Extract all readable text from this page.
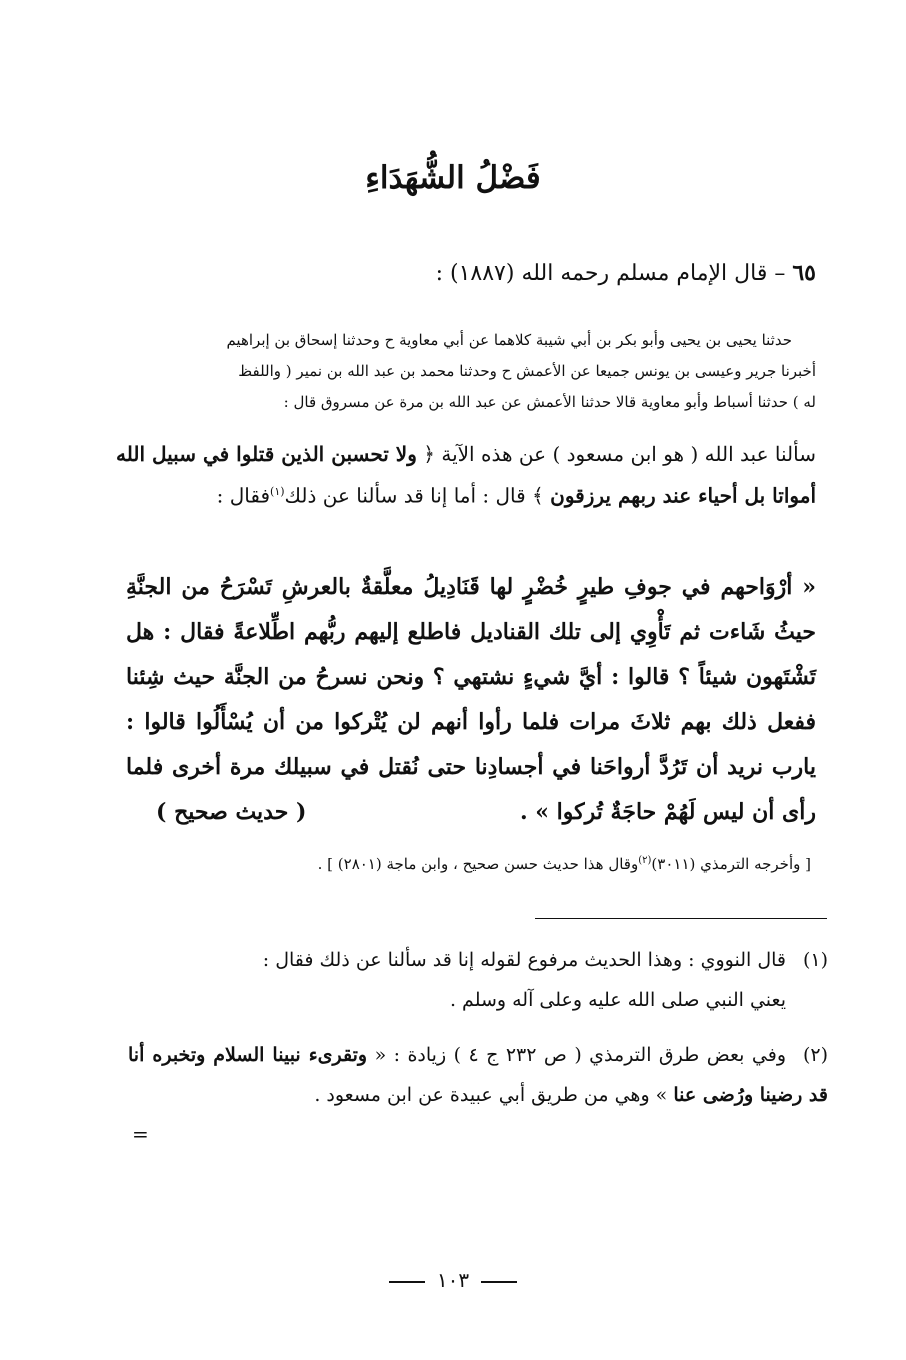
فَضْلُ الشُّهَدَاءِ
٦٥ – قال الإمام مسلم رحمه الله (١٨٨٧) :
حدثنا يحيى بن يحيى وأبو بكر بن أبي شيبة كلاهما عن أبي معاوية ح وحدثنا إسحاق بن إبراهيم
أخبرنا جرير وعيسى بن يونس جميعا عن الأعمش ح وحدثنا محمد بن عبد الله بن نمير ( واللفظ
له ) حدثنا أسباط وأبو معاوية قالا حدثنا الأعمش عن عبد الله بن مرة عن مسروق قال :
سألنا عبد الله ( هو ابن مسعود ) عن هذه الآية ﴿ ولا تحسبن الذين قتلوا في سبيل الله أمواتا بل أحياء عند ربهم يرزقون ﴾ قال : أما إنا قد سألنا عن ذلك$^{(١)}$فقال :
« أرْوَاحهم في جوفِ طيرٍ خُضْرٍ لها قَنَادِيلُ معلَّقةٌ بالعرشِ تَسْرَحُ من الجنَّةِ حيثُ شَاءت ثم تَأْوِي إلى تلك القناديل فاطلع إليهم ربُّهم اطِّلاعةً فقال : هل تَشْتَهون شيئاً ؟ قالوا : أيَّ شيءٍ نشتهي ؟ ونحن نسرحُ من الجنَّة حيث شِئنا ففعل ذلك بهم ثلاثَ مرات فلما رأوا أنهم لن يُتْركوا من أن يُسْأَلُوا قالوا : يارب نريد أن تَرُدَّ أرواحَنا في أجسادِنا حتى نُقتل في سبيلك مرة أخرى فلما رأى أن ليس لَهُمْ حاجَةٌ تُركوا » .
( حديث صحيح )
[ وأخرجه الترمذي (٣٠١١)$^{(٢)}$وقال هذا حديث حسن صحيح ، وابن ماجة (٢٨٠١) ] .
(١)قال النووي : وهذا الحديث مرفوع لقوله إنا قد سألنا عن ذلك فقال :
يعني النبي صلى الله عليه وعلى آله وسلم .
(٢)وفي بعض طرق الترمذي ( ص ٢٣٢ ج ٤ ) زيادة : « وتقرىء نبينا السلام وتخبره أنا قد رضينا ورُضى عنا » وهي من طريق أبي عبيدة عن ابن مسعود .
=
١٠٣
